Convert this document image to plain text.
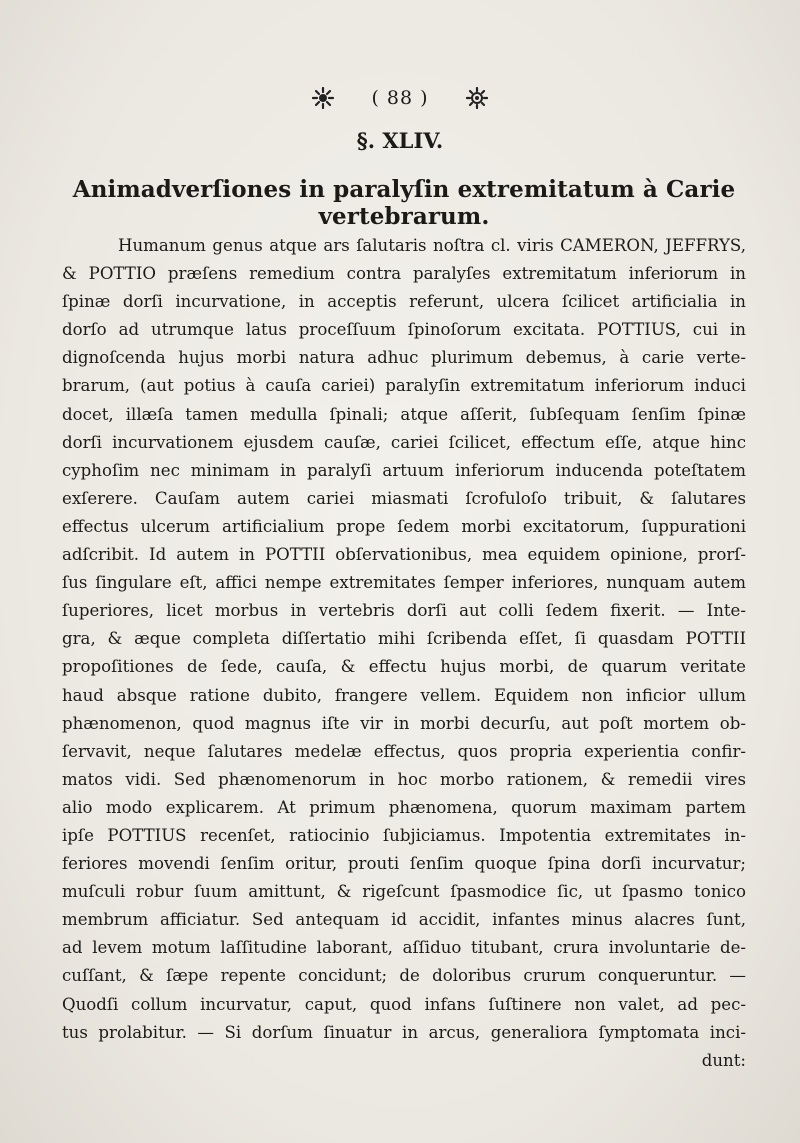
( 88 )
§. XLIV.
Animadverſiones in paralyſin extremitatum à Carie vertebrarum.
Humanum genus atque ars ſalutaris noſtra cl. viris CAMERON, JEFFRYS,
& POTTIO præſens remedium contra paralyſes extremitatum inferiorum in
ſpinæ dorſi incurvatione, in acceptis referunt, ulcera ſcilicet artificialia in
dorſo ad utrumque latus proceſſuum ſpinoſorum excitata. POTTIUS, cui in
dignoſcenda hujus morbi natura adhuc plurimum debemus, à carie verte-
brarum, (aut potius à cauſa cariei) paralyſin extremitatum inferiorum induci
docet, illæſa tamen medulla ſpinali; atque aſſerit, ſubſequam ſenſim ſpinæ
dorſi incurvationem ejusdem cauſæ, cariei ſcilicet, effectum eſſe, atque hinc
cyphoſim nec minimam in paralyſi artuum inferiorum inducenda poteſtatem
exſerere. Cauſam autem cariei miasmati ſcrofuloſo tribuit, & ſalutares
effectus ulcerum artificialium prope ſedem morbi excitatorum, ſuppurationi
adſcribit. Id autem in POTTII obſervationibus, mea equidem opinione, prorſ-
ſus ſingulare eſt, affici nempe extremitates ſemper inferiores, nunquam autem
ſuperiores, licet morbus in vertebris dorſi aut colli ſedem fixerit. — Inte-
gra, & æque completa diſſertatio mihi ſcribenda eſſet, ſi quasdam POTTII
propoſitiones de ſede, cauſa, & effectu hujus morbi, de quarum veritate
haud absque ratione dubito, frangere vellem. Equidem non inficior ullum
phænomenon, quod magnus iſte vir in morbi decurſu, aut poſt mortem ob-
ſervavit, neque ſalutares medelæ effectus, quos propria experientia confir-
matos vidi. Sed phænomenorum in hoc morbo rationem, & remedii vires
alio modo explicarem. At primum phænomena, quorum maximam partem
ipſe POTTIUS recenſet, ratiocinio ſubjiciamus. Impotentia extremitates in-
feriores movendi ſenſim oritur, prouti ſenſim quoque ſpina dorſi incurvatur;
muſculi robur ſuum amittunt, & rigeſcunt ſpasmodice ſic, ut ſpasmo tonico
membrum afficiatur. Sed antequam id accidit, infantes minus alacres ſunt,
ad levem motum laſſitudine laborant, aſſiduo titubant, crura involuntarie de-
cuſſant, & ſæpe repente concidunt; de doloribus crurum conqueruntur. —
Quodſi collum incurvatur, caput, quod infans ſuſtinere non valet, ad pec-
tus prolabitur. — Si dorſum ſinuatur in arcus, generaliora ſymptomata inci-
dunt:
